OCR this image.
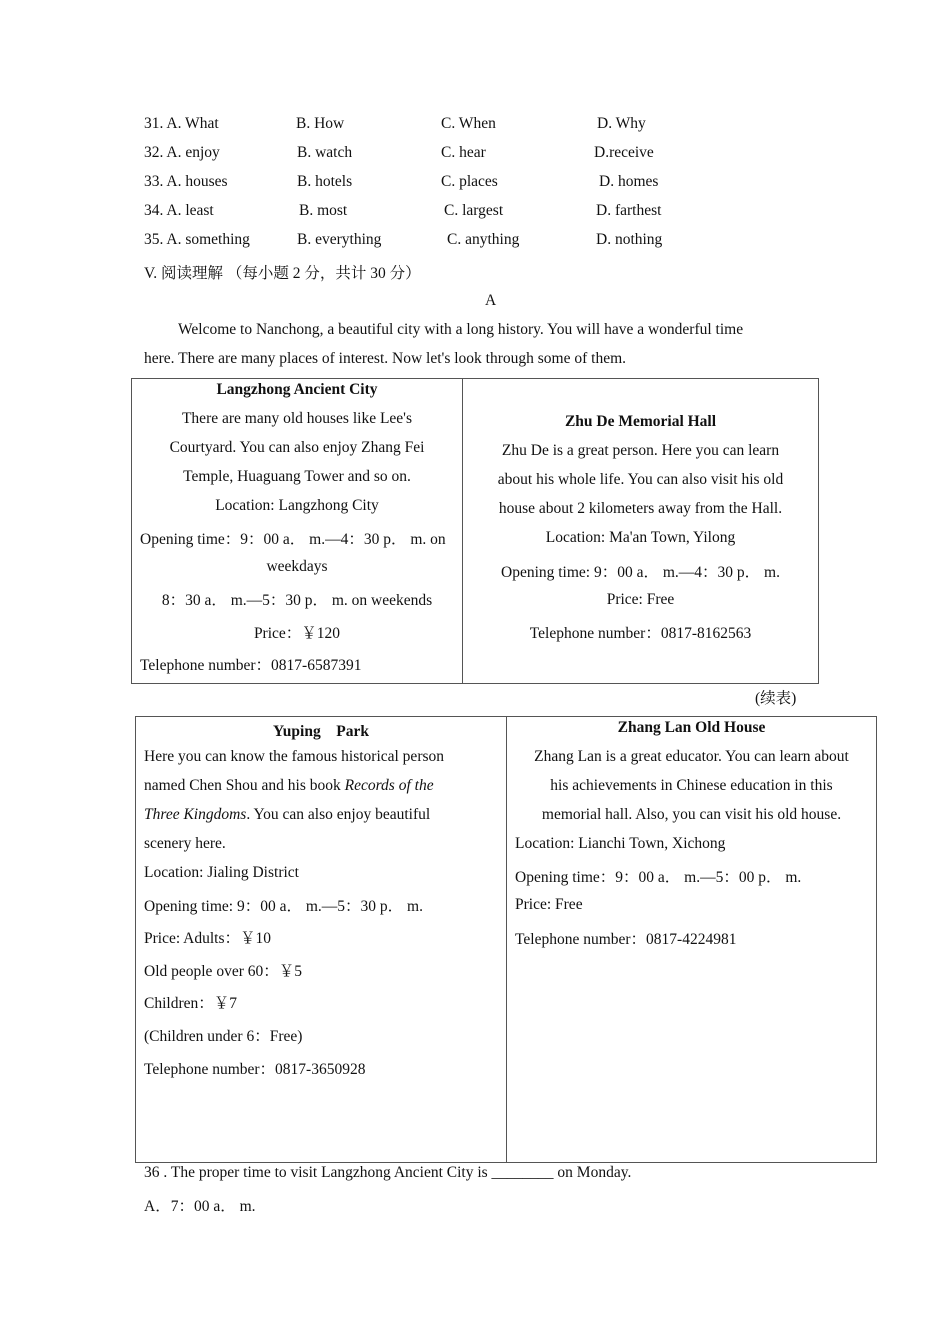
31. A. What	B. How	C. When	D. Why
32. A. enjoy	B. watch	C. hear	D.receive
33. A. houses	B. hotels	C. places	D. homes
34. A. least	B. most	C. largest	D. farthest
35. A. something	B. everything	C. anything	D. nothing
V. 阅读理解 （每小题 2 分，共计 30 分）
A
Welcome to Nanchong, a beautiful city with a long history. You will have a wonderful time
here. There are many places of interest. Now let's look through some of them.
Langzhong Ancient City
There are many old houses like Lee's
Courtyard. You can also enjoy Zhang Fei
Temple, Huaguang Tower and so on.
Location: Langzhong City
Opening time：9：00 a． m.—4：30 p． m. on
weekdays
8：30 a． m.—5：30 p． m. on weekends
Price：￥120
Telephone number：0817-6587391
Zhu De Memorial Hall
Zhu De is a great person. Here you can learn
about his whole life. You can also visit his old
house about 2 kilometers away from the Hall.
Location: Ma'an Town, Yilong
Opening time: 9：00 a． m.—4：30 p． m.
Price: Free
Telephone number：0817-8162563
(续表)
Yuping　Park
Here you can know the famous historical person
named Chen Shou and his book Records of the
Three Kingdoms. You can also enjoy beautiful
scenery here.
Location: Jialing District
Opening time: 9：00 a． m.—5：30 p． m.
Price: Adults：￥10
Old people over 60：￥5
Children：￥7
(Children under 6：Free)
Telephone number：0817-3650928
Zhang Lan Old House
Zhang Lan is a great educator. You can learn about
his achievements in Chinese education in this
memorial hall. Also, you can visit his old house.
Location: Lianchi Town, Xichong
Opening time：9：00 a． m.—5：00 p． m.
Price: Free
Telephone number：0817-4224981
36 . The proper time to visit Langzhong Ancient City is ________ on Monday.
A．7：00 a． m.
